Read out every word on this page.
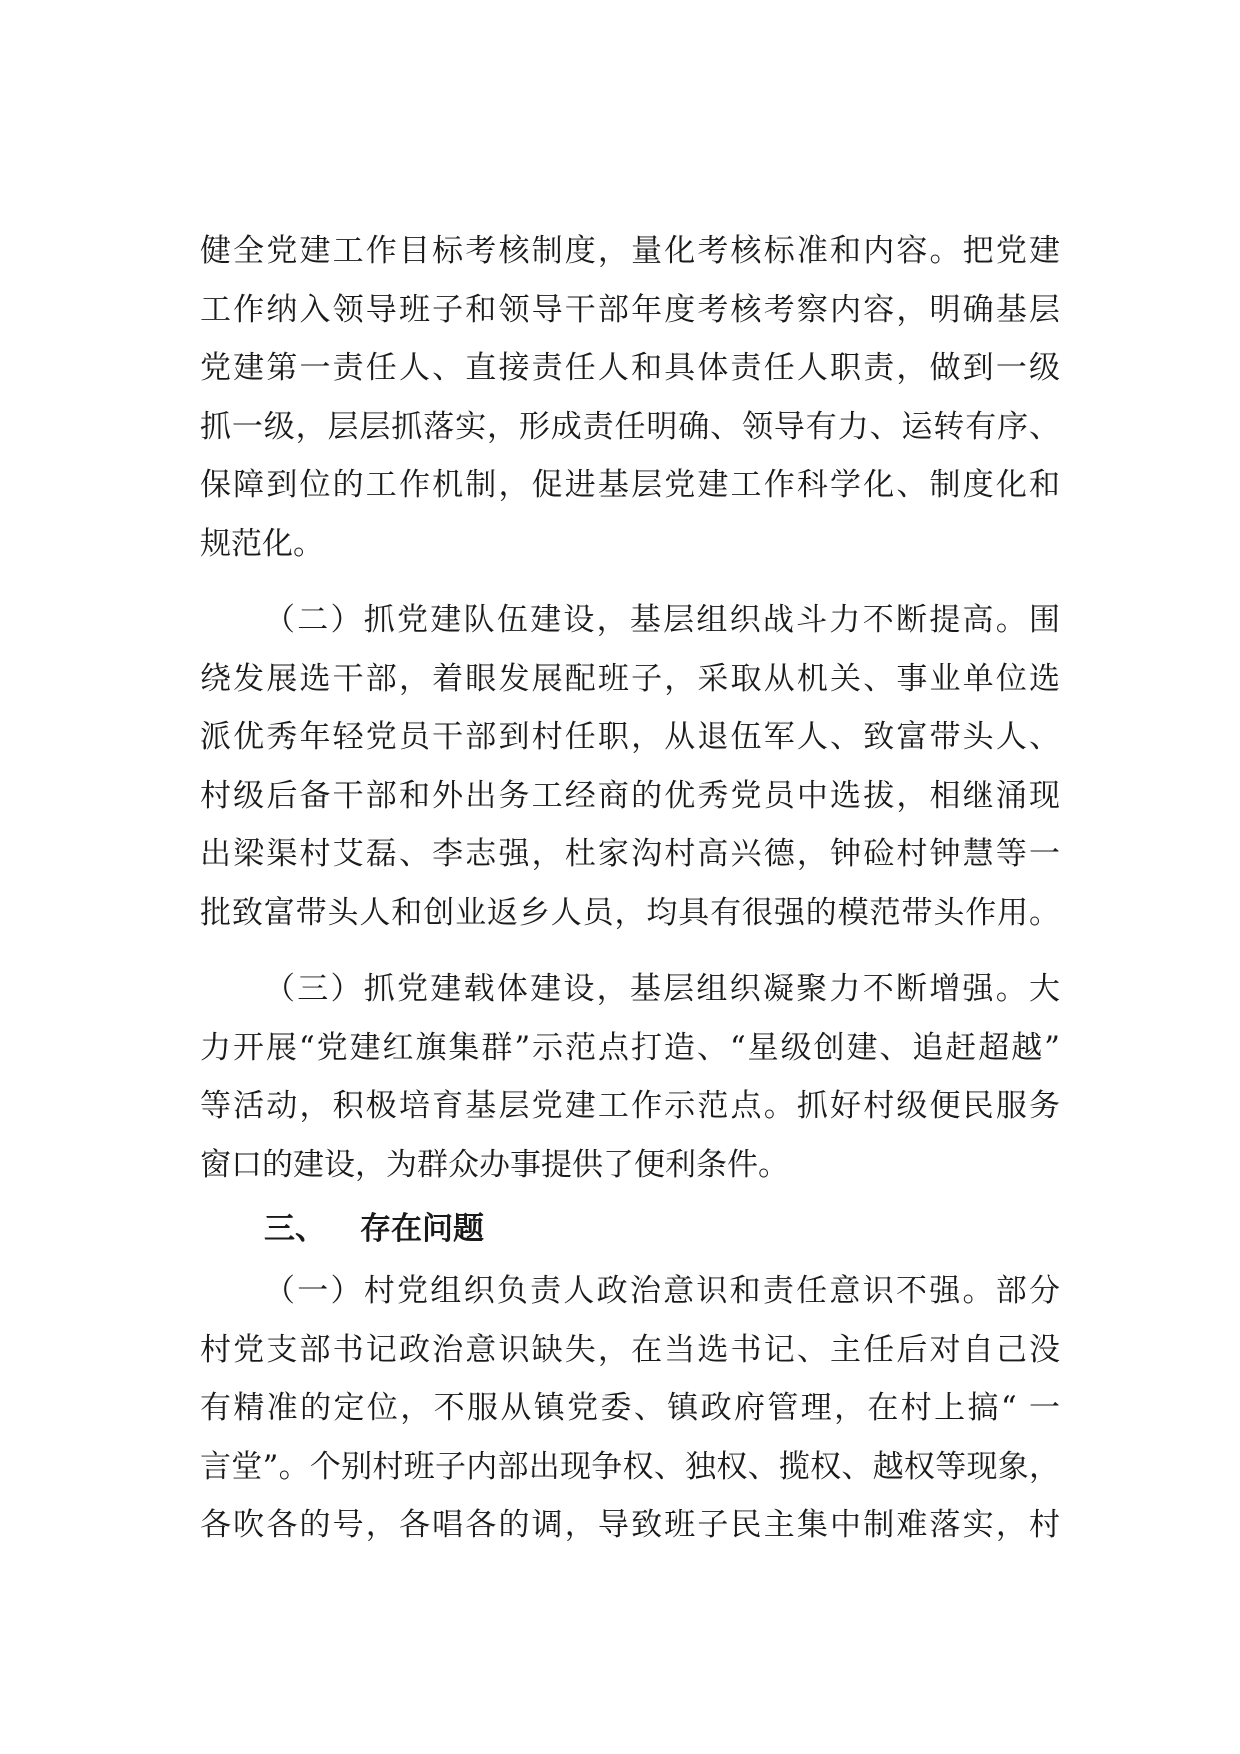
健全党建工作目标考核制度，量化考核标准和内容。把党建

工作纳入领导班子和领导干部年度考核考察内容，明确基层

党建第一责任人、直接责任人和具体责任人职责，做到一级

抓一级，层层抓落实，形成责任明确、领导有力、运转有序、

保障到位的工作机制，促进基层党建工作科学化、制度化和

规范化。

（二）抓党建队伍建设，基层组织战斗力不断提高。围

绕发展选干部，着眼发展配班子，采取从机关、事业单位选

派优秀年轻党员干部到村任职，从退伍军人、致富带头人、

村级后备干部和外出务工经商的优秀党员中选拔，相继涌现

出梁渠村艾磊、李志强，杜家沟村高兴德，钟硷村钟慧等一

批致富带头人和创业返乡人员，均具有很强的模范带头作用。

（三）抓党建载体建设，基层组织凝聚力不断增强。大

力开展“党建红旗集群”示范点打造、“星级创建、追赶超越”

等活动，积极培育基层党建工作示范点。抓好村级便民服务

窗口的建设，为群众办事提供了便利条件。

三、 存在问题

（一）村党组织负责人政治意识和责任意识不强。部分

村党支部书记政治意识缺失，在当选书记、主任后对自己没

有精准的定位，不服从镇党委、镇政府管理，在村上搞“ 一

言堂”。个别村班子内部出现争权、独权、揽权、越权等现象，

各吹各的号，各唱各的调，导致班子民主集中制难落实，村
